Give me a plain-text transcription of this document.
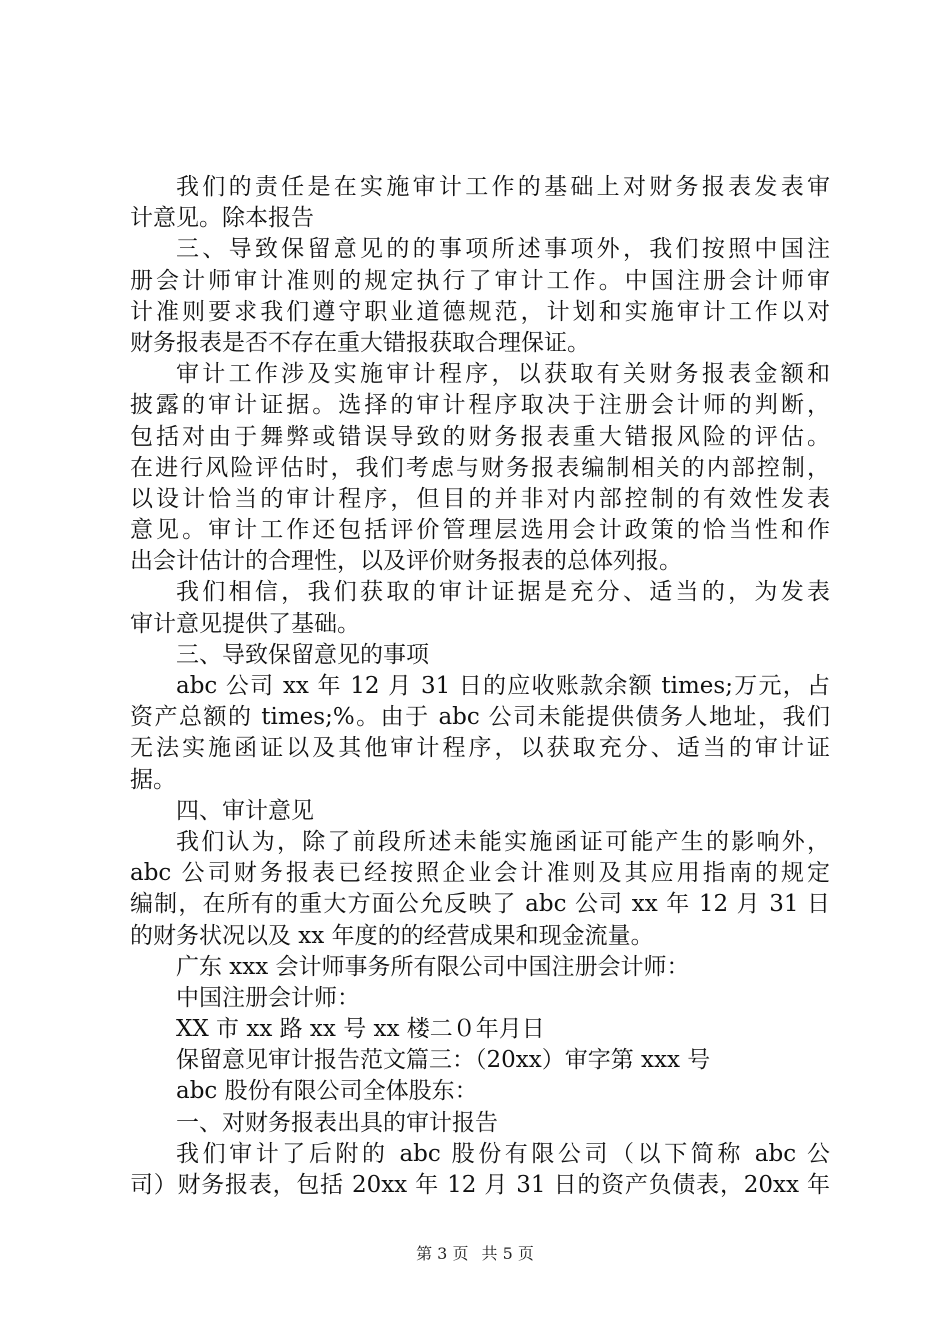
我们的责任是在实施审计工作的基础上对财务报表发表审
计意见。除本报告
三、导致保留意见的的事项所述事项外，我们按照中国注
册会计师审计准则的规定执行了审计工作。中国注册会计师审
计准则要求我们遵守职业道德规范，计划和实施审计工作以对
财务报表是否不存在重大错报获取合理保证。
审计工作涉及实施审计程序，以获取有关财务报表金额和
披露的审计证据。选择的审计程序取决于注册会计师的判断，
包括对由于舞弊或错误导致的财务报表重大错报风险的评估。
在进行风险评估时，我们考虑与财务报表编制相关的内部控制，
以设计恰当的审计程序，但目的并非对内部控制的有效性发表
意见。审计工作还包括评价管理层选用会计政策的恰当性和作
出会计估计的合理性，以及评价财务报表的总体列报。
我们相信，我们获取的审计证据是充分、适当的，为发表
审计意见提供了基础。
三、导致保留意见的事项
abc 公司 xx 年 12 月 31 日的应收账款余额 times;万元，占
资产总额的 times;%。由于 abc 公司未能提供债务人地址，我们
无法实施函证以及其他审计程序，以获取充分、适当的审计证
据。
四、审计意见
我们认为，除了前段所述未能实施函证可能产生的影响外，
abc 公司财务报表已经按照企业会计准则及其应用指南的规定
编制，在所有的重大方面公允反映了 abc 公司 xx 年 12 月 31 日
的财务状况以及 xx 年度的的经营成果和现金流量。
广东 xxx 会计师事务所有限公司中国注册会计师：
中国注册会计师：
XX 市 xx 路 xx 号 xx 楼二０年月日
保留意见审计报告范文篇三：（20xx）审字第 xxx 号
abc 股份有限公司全体股东：
一、对财务报表出具的审计报告
我们审计了后附的 abc 股份有限公司（以下简称 abc 公
司）财务报表，包括 20xx 年 12 月 31 日的资产负债表，20xx 年
第 3 页 共 5 页
